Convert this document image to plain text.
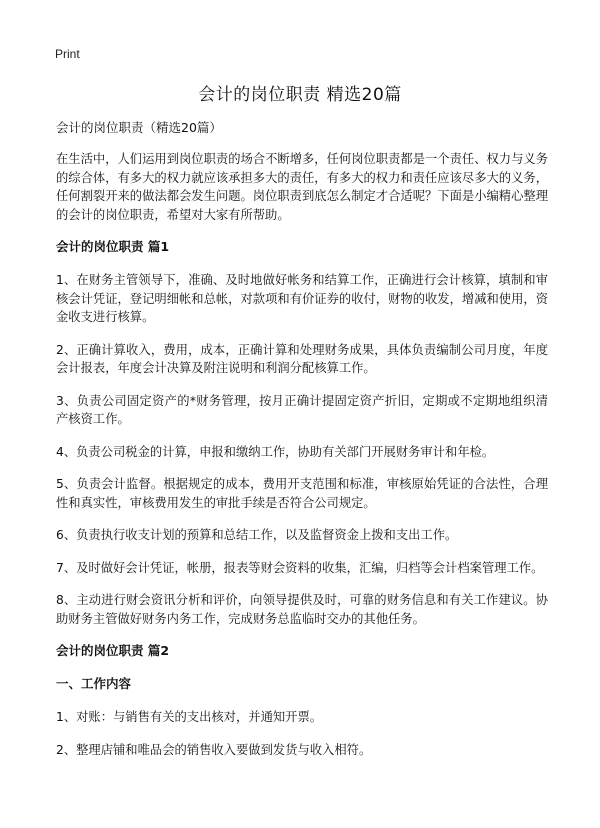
Print
会计的岗位职责 精选20篇
会计的岗位职责（精选20篇）

在生活中，人们运用到岗位职责的场合不断增多，任何岗位职责都是一个责任、权力与义务的综合体，有多大的权力就应该承担多大的责任，有多大的权力和责任应该尽多大的义务，任何割裂开来的做法都会发生问题。岗位职责到底怎么制定才合适呢？下面是小编精心整理的会计的岗位职责，希望对大家有所帮助。

会计的岗位职责 篇1

1、在财务主管领导下，准确、及时地做好帐务和结算工作，正确进行会计核算，填制和审核会计凭证，登记明细帐和总帐，对款项和有价证券的收付，财物的收发，增减和使用，资金收支进行核算。

2、正确计算收入，费用，成本，正确计算和处理财务成果，具体负责编制公司月度，年度会计报表，年度会计决算及附注说明和利润分配核算工作。

3、负责公司固定资产的*财务管理，按月正确计提固定资产折旧，定期或不定期地组织清产核资工作。

4、负责公司税金的计算，申报和缴纳工作，协助有关部门开展财务审计和年检。

5、负责会计监督。根据规定的成本，费用开支范围和标准，审核原始凭证的合法性，合理性和真实性，审核费用发生的审批手续是否符合公司规定。

6、负责执行收支计划的预算和总结工作，以及监督资金上拨和支出工作。

7、及时做好会计凭证，帐册，报表等财会资料的收集，汇编，归档等会计档案管理工作。

8、主动进行财会资讯分析和评价，向领导提供及时，可靠的财务信息和有关工作建议。协助财务主管做好财务内务工作，完成财务总监临时交办的其他任务。

会计的岗位职责 篇2
一、工作内容

1、对账：与销售有关的支出核对，并通知开票。

2、整理店铺和唯品会的销售收入要做到发货与收入相符。
